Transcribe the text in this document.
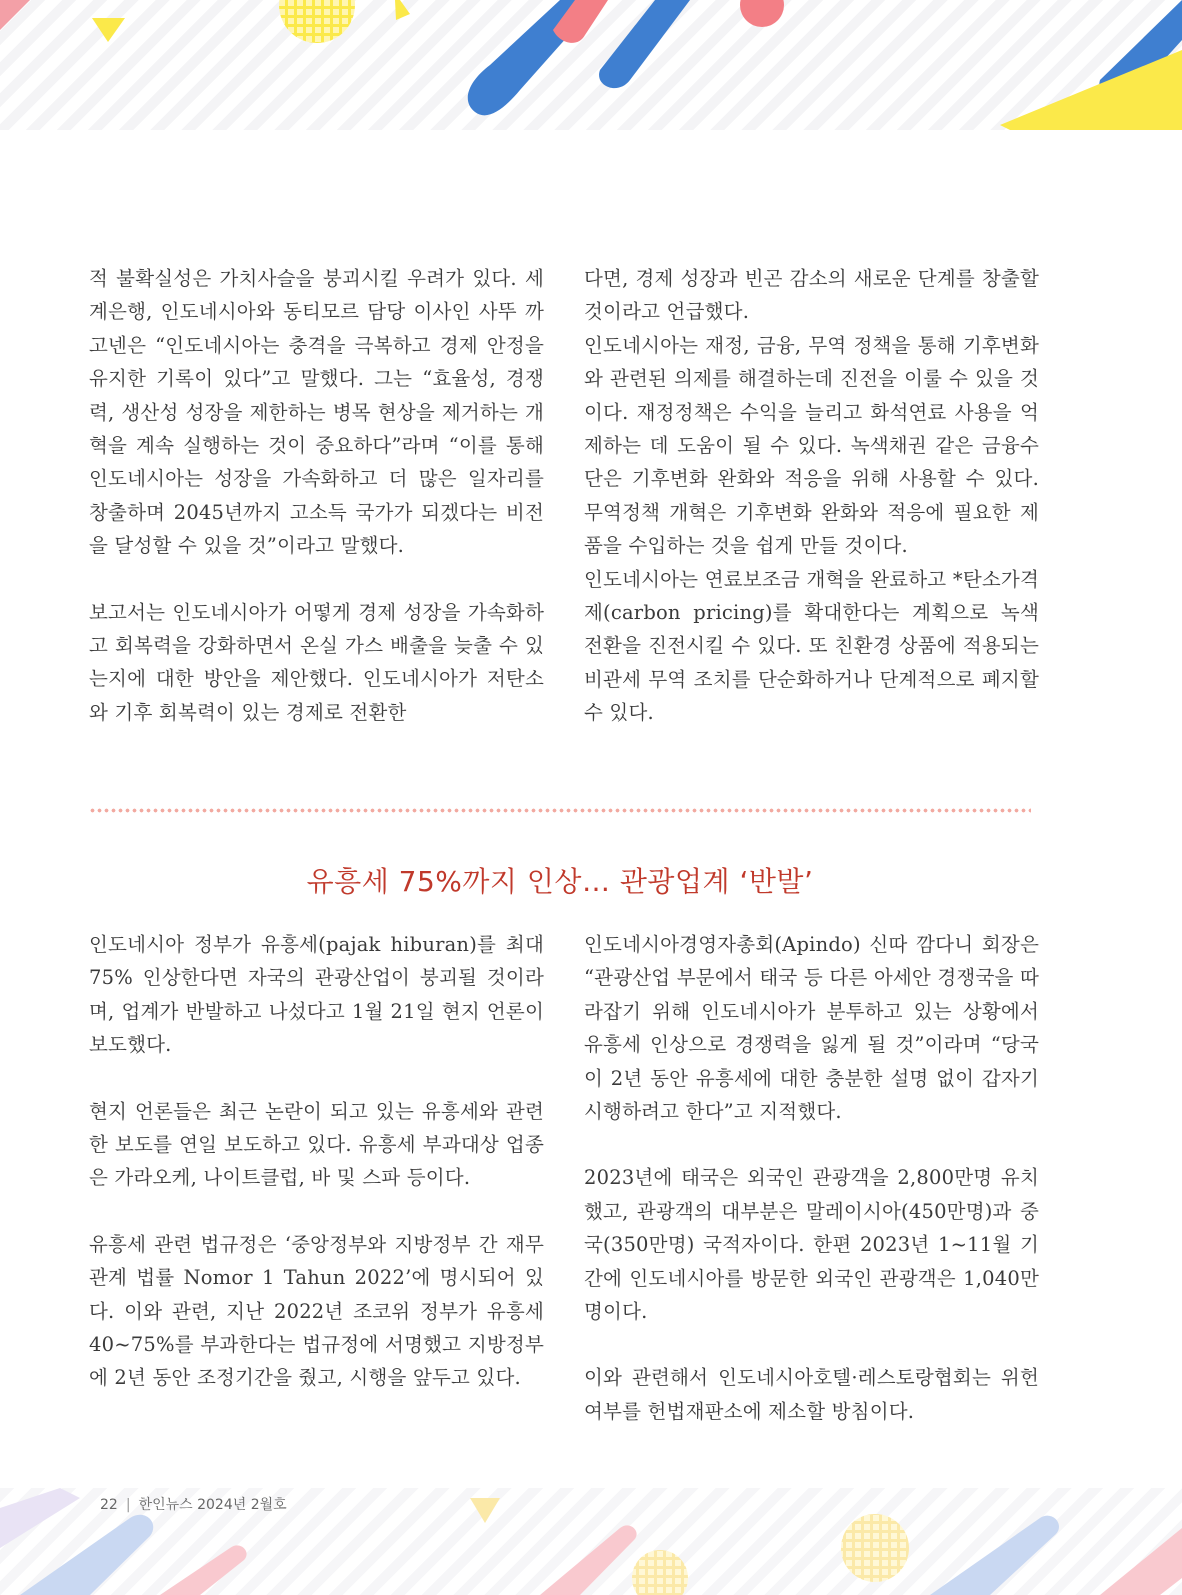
적 불확실성은 가치사슬을 붕괴시킬 우려가 있다. 세계은행, 인도네시아와 동티모르 담당 이사인 사뚜 까고넨은 “인도네시아는 충격을 극복하고 경제 안정을 유지한 기록이 있다”고 말했다. 그는 “효율성, 경쟁력, 생산성 성장을 제한하는 병목 현상을 제거하는 개혁을 계속 실행하는 것이 중요하다”라며 “이를 통해 인도네시아는 성장을 가속화하고 더 많은 일자리를 창출하며 2045년까지 고소득 국가가 되겠다는 비전을 달성할 수 있을 것”이라고 말했다.

보고서는 인도네시아가 어떻게 경제 성장을 가속화하고 회복력을 강화하면서 온실 가스 배출을 늦출 수 있는지에 대한 방안을 제안했다. 인도네시아가 저탄소와 기후 회복력이 있는 경제로 전환한

다면, 경제 성장과 빈곤 감소의 새로운 단계를 창출할 것이라고 언급했다.

인도네시아는 재정, 금융, 무역 정책을 통해 기후변화와 관련된 의제를 해결하는데 진전을 이룰 수 있을 것이다. 재정정책은 수익을 늘리고 화석연료 사용을 억제하는 데 도움이 될 수 있다. 녹색채권 같은 금융수단은 기후변화 완화와 적응을 위해 사용할 수 있다. 무역정책 개혁은 기후변화 완화와 적응에 필요한 제품을 수입하는 것을 쉽게 만들 것이다.

인도네시아는 연료보조금 개혁을 완료하고 *탄소가격제(carbon pricing)를 확대한다는 계획으로 녹색 전환을 진전시킬 수 있다. 또 친환경 상품에 적용되는 비관세 무역 조치를 단순화하거나 단계적으로 폐지할 수 있다.

유흥세 75%까지 인상… 관광업계 ‘반발’

인도네시아 정부가 유흥세(pajak hiburan)를 최대 75% 인상한다면 자국의 관광산업이 붕괴될 것이라며, 업계가 반발하고 나섰다고 1월 21일 현지 언론이 보도했다.

현지 언론들은 최근 논란이 되고 있는 유흥세와 관련한 보도를 연일 보도하고 있다. 유흥세 부과대상 업종은 가라오케, 나이트클럽, 바 및 스파 등이다.

유흥세 관련 법규정은 ‘중앙정부와 지방정부 간 재무관계 법률 Nomor 1 Tahun 2022’에 명시되어 있다. 이와 관련, 지난 2022년 조코위 정부가 유흥세 40~75%를 부과한다는 법규정에 서명했고 지방정부에 2년 동안 조정기간을 줬고, 시행을 앞두고 있다.

인도네시아경영자총회(Apindo) 신따 깜다니 회장은 “관광산업 부문에서 태국 등 다른 아세안 경쟁국을 따라잡기 위해 인도네시아가 분투하고 있는 상황에서 유흥세 인상으로 경쟁력을 잃게 될 것”이라며 “당국이 2년 동안 유흥세에 대한 충분한 설명 없이 갑자기 시행하려고 한다”고 지적했다.

2023년에 태국은 외국인 관광객을 2,800만명 유치했고, 관광객의 대부분은 말레이시아(450만명)과 중국(350만명) 국적자이다. 한편 2023년 1~11월 기간에 인도네시아를 방문한 외국인 관광객은 1,040만명이다.

이와 관련해서 인도네시아호텔·레스토랑협회는 위헌 여부를 헌법재판소에 제소할 방침이다.

22 | 한인뉴스 2024년 2월호
